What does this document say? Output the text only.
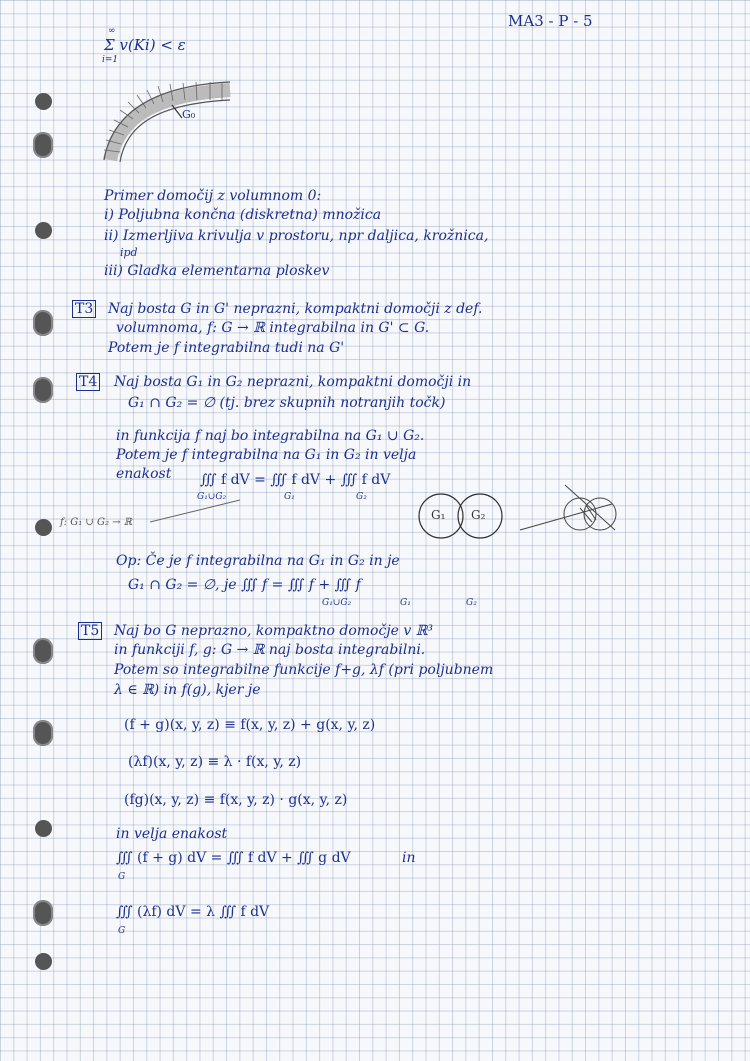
MA3 - P - 5
∞
Σ v(Ki) < ε
i=1
G₀
Primer domočij z volumnom 0:
i) Poljubna končna (diskretna) množica
ii) Izmerljiva krivulja v prostoru, npr daljica, krožnica,
ipd
iii) Gladka elementarna ploskev
T3 Naj bosta G in G' neprazni, kompaktni domočji z def.
volumnoma, f: G → ℝ integrabilna in G' ⊂ G.
Potem je f integrabilna tudi na G'
T4 Naj bosta G₁ in G₂ neprazni, kompaktni domočji in
G₁ ∩ G₂ = ∅ (tj. brez skupnih notranjih točk)
in funkcija f naj bo integrabilna na G₁ ∪ G₂.
Potem je f integrabilna na G₁ in G₂ in velja
enakost ∭ f dV = ∭ f dV + ∭ f dV
G₁∪G₂	G₁	G₂
f: G₁ ∪ G₂ → ℝ
G₁ G₂
Op: Če je f integrabilna na G₁ in G₂ in je
G₁ ∩ G₂ = ∅, je ∭ f = ∭ f + ∭ f
G₁∪G₂	G₁	G₂
T5 Naj bo G neprazno, kompaktno domočje v ℝ³
in funkciji f, g: G → ℝ naj bosta integrabilni.
Potem so integrabilne funkcije f+g, λf (pri poljubnem
λ ∈ ℝ) in f(g), kjer je
(f + g)(x, y, z) ≡ f(x, y, z) + g(x, y, z)
(λf)(x, y, z) ≡ λ · f(x, y, z)
(fg)(x, y, z) ≡ f(x, y, z) · g(x, y, z)
in velja enakost
∭ (f + g) dV = ∭ f dV + ∭ g dV	in
G
∭ (λf) dV = λ ∭ f dV
G
